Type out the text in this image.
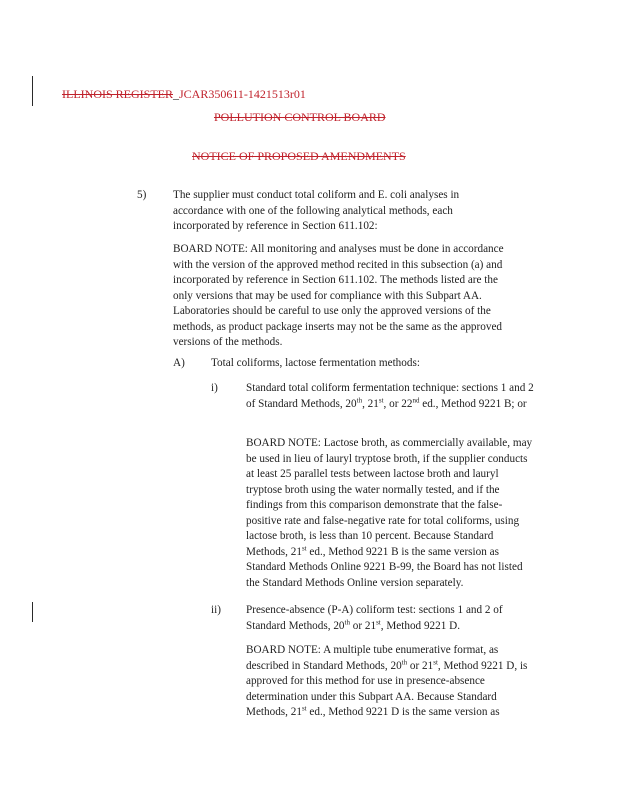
ILLINOIS REGISTER_JCAR350611-1421513r01
POLLUTION CONTROL BOARD
NOTICE OF PROPOSED AMENDMENTS
5) The supplier must conduct total coliform and E. coli analyses in accordance with one of the following analytical methods, each incorporated by reference in Section 611.102:

BOARD NOTE: All monitoring and analyses must be done in accordance with the version of the approved method recited in this subsection (a) and incorporated by reference in Section 611.102. The methods listed are the only versions that may be used for compliance with this Subpart AA. Laboratories should be careful to use only the approved versions of the methods, as product package inserts may not be the same as the approved versions of the methods.

A) Total coliforms, lactose fermentation methods:
i)	Standard total coliform fermentation technique: sections 1 and 2 of Standard Methods, 20th, 21st, or 22nd ed., Method 9221 B; or

BOARD NOTE: Lactose broth, as commercially available, may be used in lieu of lauryl tryptose broth, if the supplier conducts at least 25 parallel tests between lactose broth and lauryl tryptose broth using the water normally tested, and if the findings from this comparison demonstrate that the false-positive rate and false-negative rate for total coliforms, using lactose broth, is less than 10 percent. Because Standard Methods, 21st ed., Method 9221 B is the same version as Standard Methods Online 9221 B-99, the Board has not listed the Standard Methods Online version separately.

ii) Presence-absence (P-A) coliform test: sections 1 and 2 of Standard Methods, 20th or 21st, Method 9221 D.

BOARD NOTE: A multiple tube enumerative format, as described in Standard Methods, 20th or 21st, Method 9221 D, is approved for this method for use in presence-absence determination under this Subpart AA. Because Standard Methods, 21st ed., Method 9221 D is the same version as
